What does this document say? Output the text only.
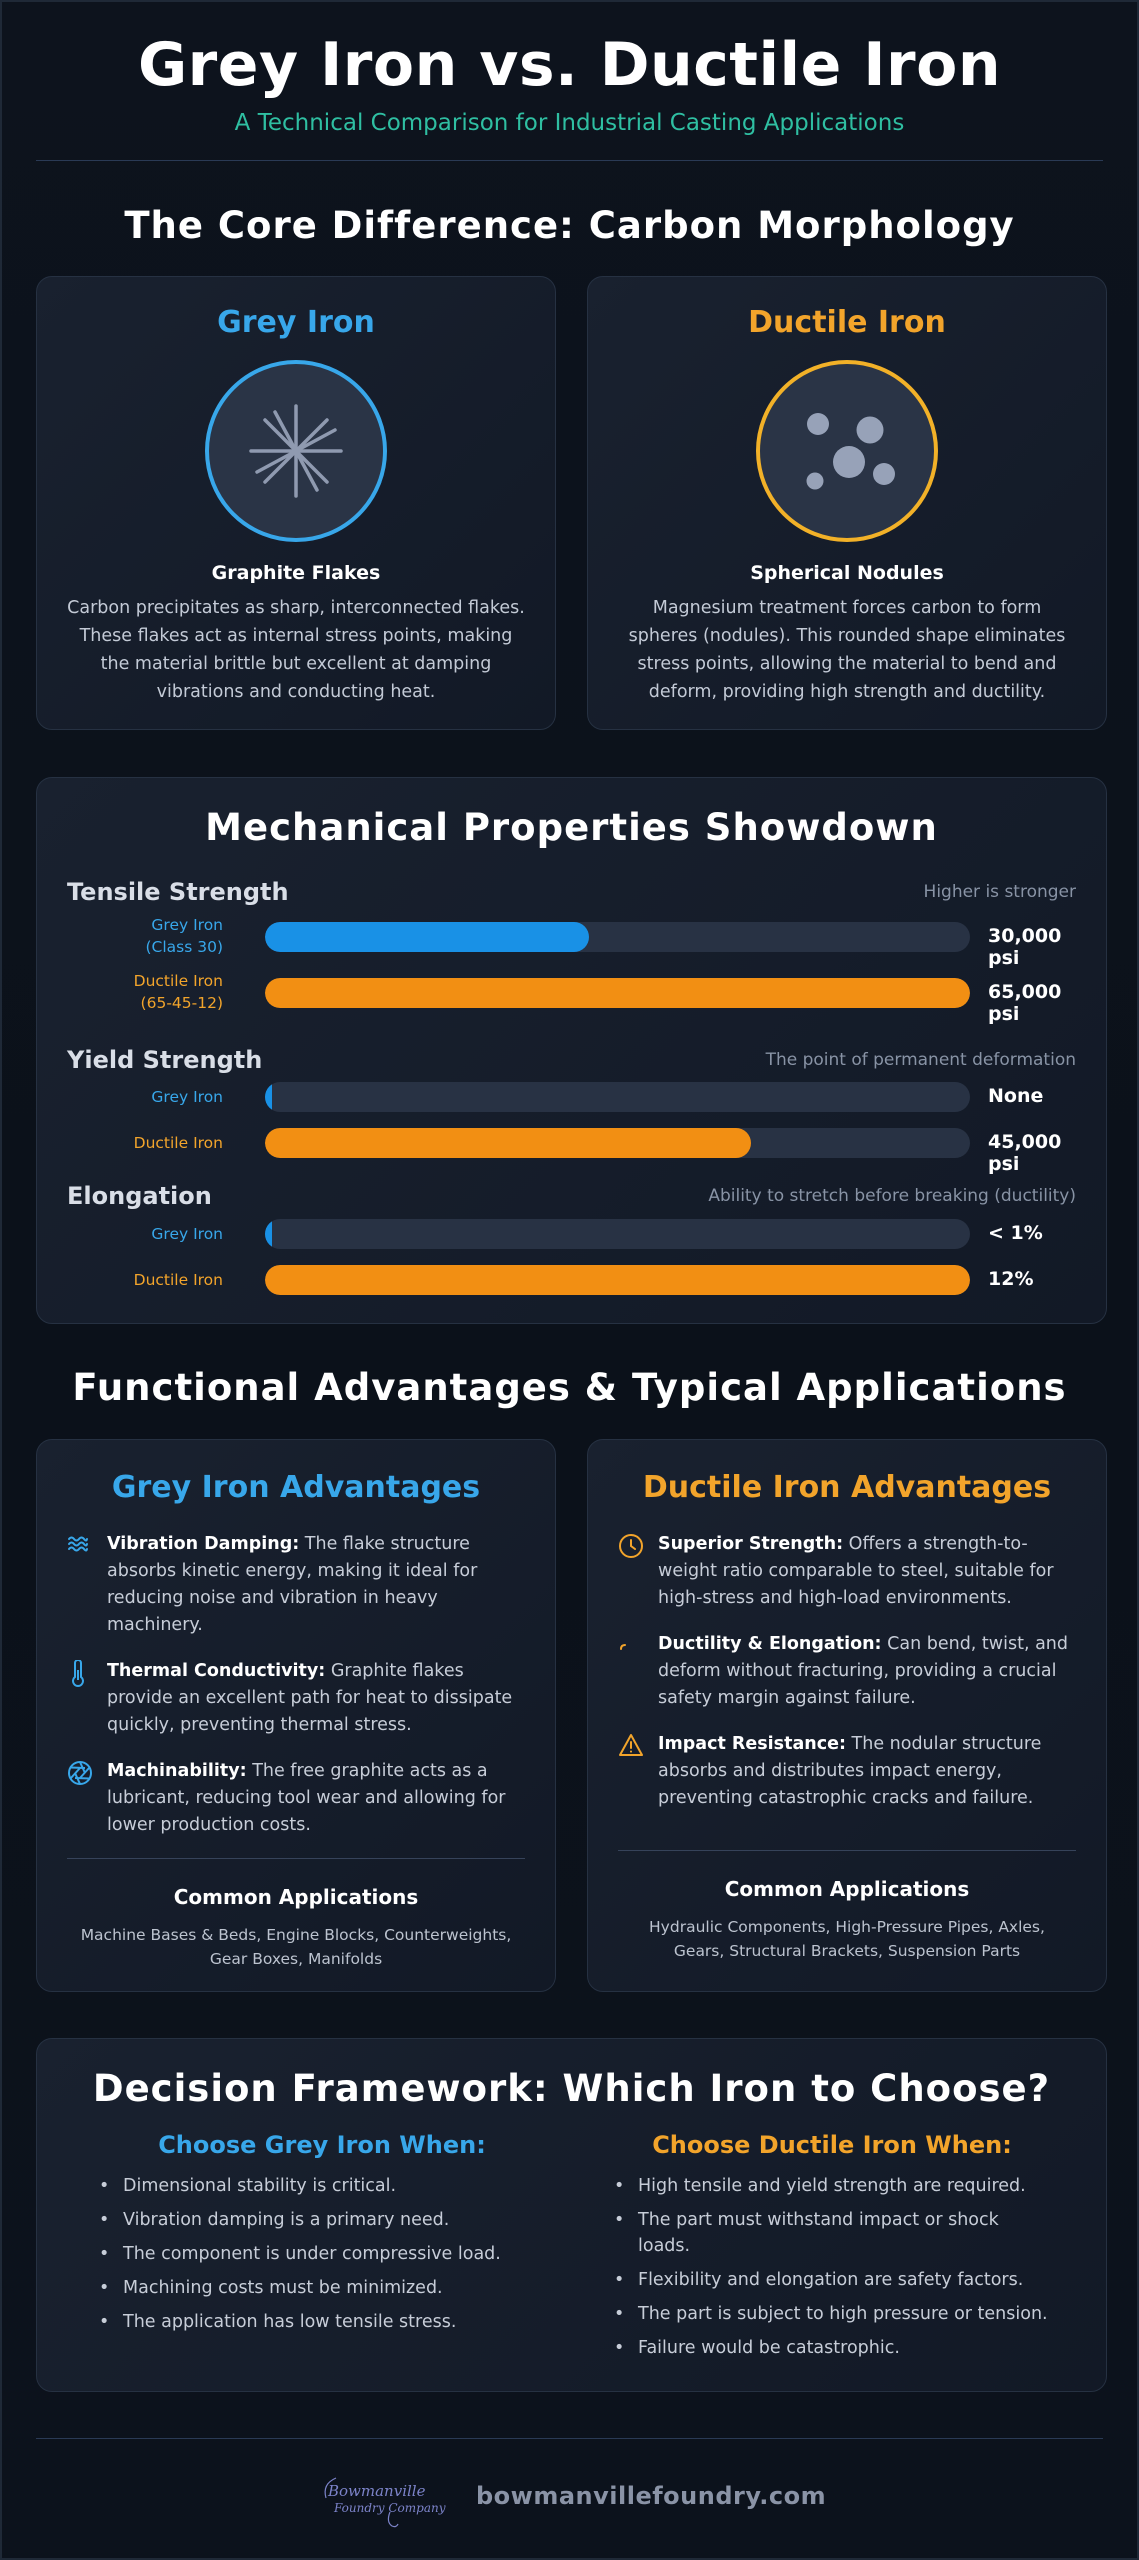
Grey Iron vs. Ductile Iron
A Technical Comparison for Industrial Casting Applications
The Core Difference: Carbon Morphology
Grey Iron
Graphite Flakes
Carbon precipitates as sharp, interconnected flakes. These flakes act as internal stress points, making the material brittle but excellent at damping vibrations and conducting heat.
Ductile Iron
Spherical Nodules
Magnesium treatment forces carbon to form spheres (nodules). This rounded shape eliminates stress points, allowing the material to bend and deform, providing high strength and ductility.
Mechanical Properties Showdown
Tensile Strength	Higher is stronger
Grey Iron
(Class 30)	30,000 psi
Ductile Iron
(65-45-12)	65,000 psi
Yield Strength	The point of permanent deformation
Grey Iron	None
Ductile Iron	45,000 psi
Elongation	Ability to stretch before breaking (ductility)
Grey Iron	< 1%
Ductile Iron	12%
Functional Advantages & Typical Applications
Grey Iron Advantages
Vibration Damping: The flake structure absorbs kinetic energy, making it ideal for reducing noise and vibration in heavy machinery.
Thermal Conductivity: Graphite flakes provide an excellent path for heat to dissipate quickly, preventing thermal stress.
Machinability: The free graphite acts as a lubricant, reducing tool wear and allowing for lower production costs.
Common Applications
Machine Bases & Beds, Engine Blocks, Counterweights, Gear Boxes, Manifolds
Ductile Iron Advantages
Superior Strength: Offers a strength-to-weight ratio comparable to steel, suitable for high-stress and high-load environments.
Ductility & Elongation: Can bend, twist, and deform without fracturing, providing a crucial safety margin against failure.
Impact Resistance: The nodular structure absorbs and distributes impact energy, preventing catastrophic cracks and failure.
Common Applications
Hydraulic Components, High-Pressure Pipes, Axles, Gears, Structural Brackets, Suspension Parts
Decision Framework: Which Iron to Choose?
Choose Grey Iron When:
• Dimensional stability is critical.
• Vibration damping is a primary need.
• The component is under compressive load.
• Machining costs must be minimized.
• The application has low tensile stress.
Choose Ductile Iron When:
• High tensile and yield strength are required.
• The part must withstand impact or shock loads.
• Flexibility and elongation are safety factors.
• The part is subject to high pressure or tension.
• Failure would be catastrophic.
Bowmanville
Foundry Company bowmanvillefoundry.com
